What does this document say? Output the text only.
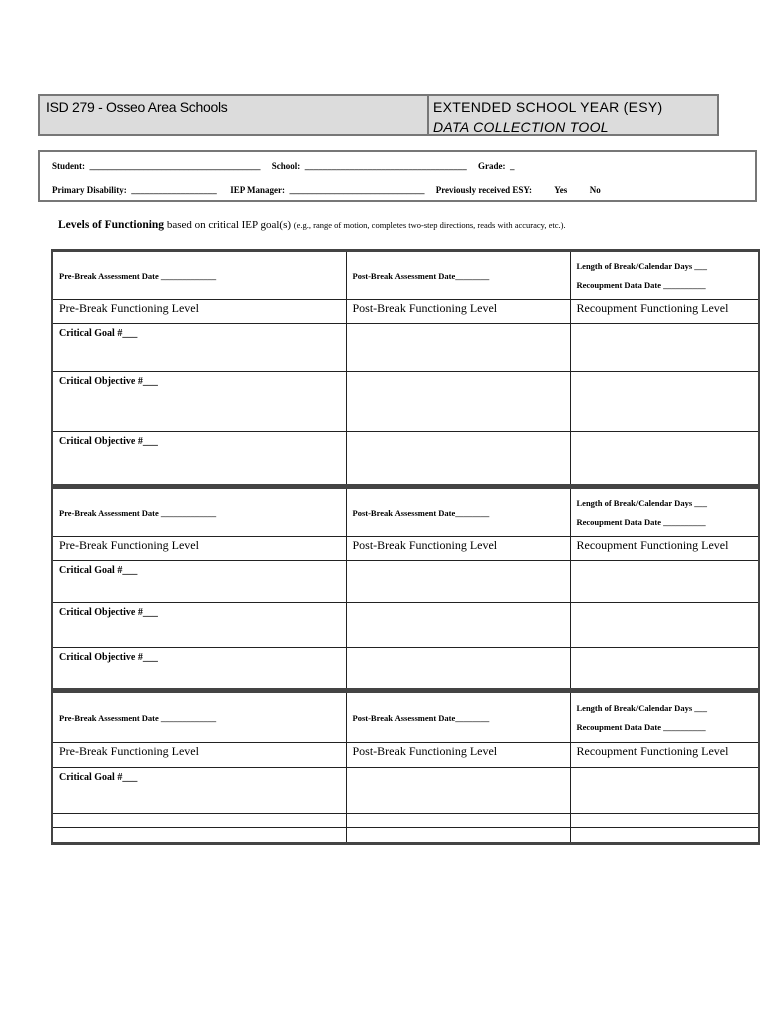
ISD 279 - Osseo Area Schools	EXTENDED SCHOOL YEAR (ESY)
DATA COLLECTION TOOL
Student:  ______________________________________     School:  ____________________________________     Grade:  _
Primary Disability:  ___________________      IEP Manager:  ______________________________     Previously received ESY:          Yes          No
Levels of Functioning based on critical IEP goal(s) (e.g., range of motion, completes two-step directions, reads with accuracy, etc.).
Pre-Break Assessment Date _____________	Post-Break Assessment Date________	Length of Break/Calendar Days ___
Recoupment Data Date __________

Pre-Break Functioning Level	Post-Break Functioning Level	Recoupment Functioning Level
Critical Goal #___		
Critical Objective #___		
Critical Objective #___		
Pre-Break Assessment Date _____________	Post-Break Assessment Date________	Length of Break/Calendar Days ___
Recoupment Data Date __________

Pre-Break Functioning Level	Post-Break Functioning Level	Recoupment Functioning Level
Critical Goal #___		
Critical Objective #___		
Critical Objective #___		
Pre-Break Assessment Date _____________	Post-Break Assessment Date________	Length of Break/Calendar Days ___
Recoupment Data Date __________

Pre-Break Functioning Level	Post-Break Functioning Level	Recoupment Functioning Level
Critical Goal #___		
